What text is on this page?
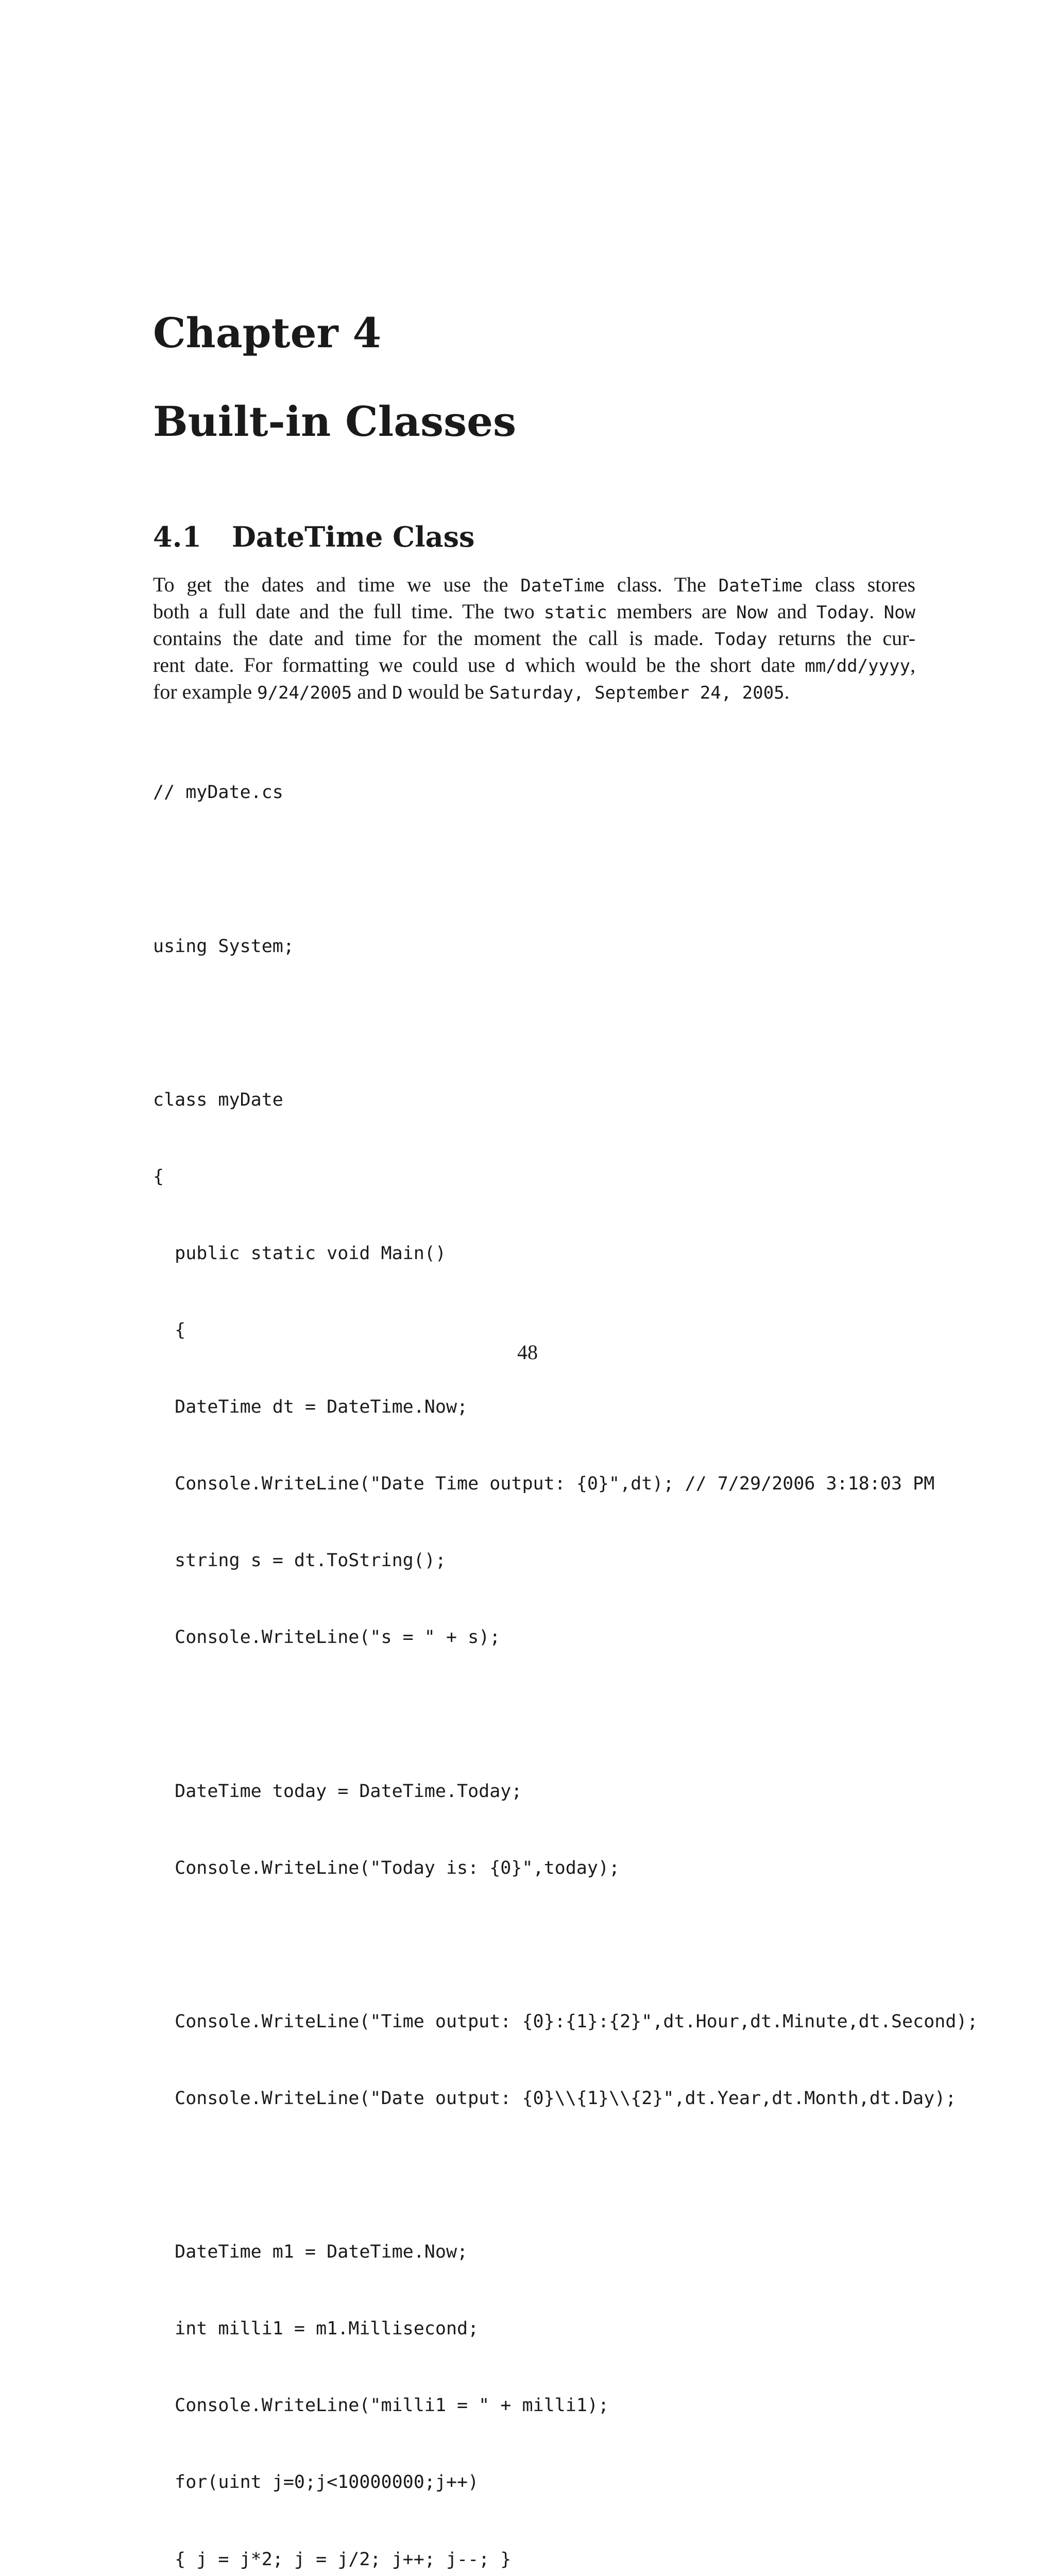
Chapter 4
Built-in Classes
4.1 DateTime Class
To get the dates and time we use the DateTime class. The DateTime class stores
both a full date and the full time. The two static members are Now and Today. Now
contains the date and time for the moment the call is made. Today returns the cur-
rent date. For formatting we could use d which would be the short date mm/dd/yyyy,
for example 9/24/2005 and D would be Saturday, September 24, 2005.

// myDate.cs

using System;

class myDate

{

public static void Main()

{

DateTime dt = DateTime.Now;

Console.WriteLine("Date Time output: {0}",dt); // 7/29/2006 3:18:03 PM

string s = dt.ToString();

Console.WriteLine("s = " + s);

DateTime today = DateTime.Today;

Console.WriteLine("Today is: {0}",today);

Console.WriteLine("Time output: {0}:{1}:{2}",dt.Hour,dt.Minute,dt.Second);

Console.WriteLine("Date output: {0}\\{1}\\{2}",dt.Year,dt.Month,dt.Day);

DateTime m1 = DateTime.Now;

int milli1 = m1.Millisecond;

Console.WriteLine("milli1 = " + milli1);

for(uint j=0;j<10000000;j++)

{ j = j*2; j = j/2; j++; j--; }

48
